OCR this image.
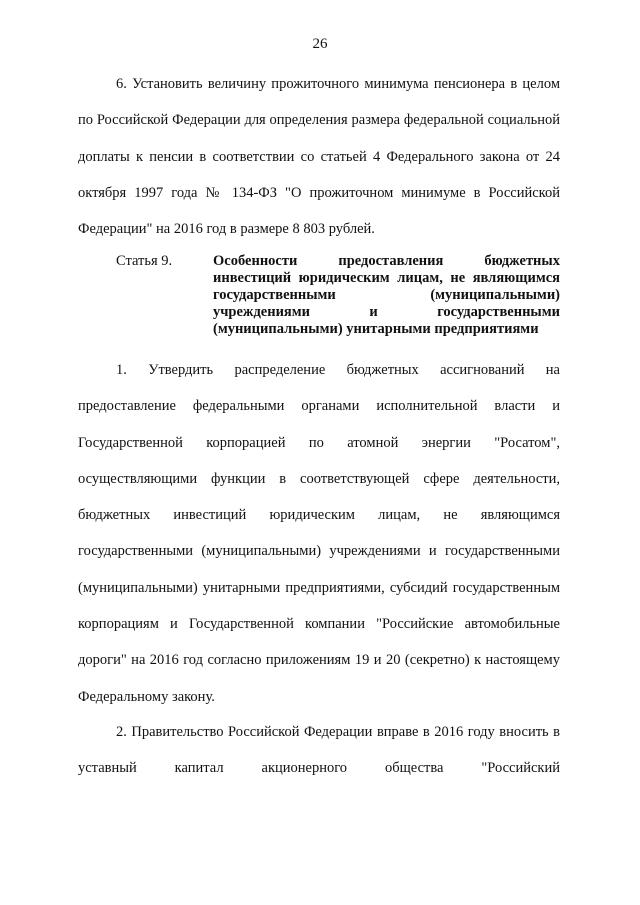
26

6. Установить величину прожиточного минимума пенсионера в целом по Российской Федерации для определения размера федеральной социальной доплаты к пенсии в соответствии со статьей 4 Федерального закона от 24 октября 1997 года № 134-ФЗ "О прожиточном минимуме в Российской Федерации" на 2016 год в размере 8 803 рублей.

Статья 9.	Особенности предоставления бюджетных инвестиций юридическим лицам, не являющимся государственными (муниципальными) учреждениями и государственными (муниципальными) унитарными предприятиями

1. Утвердить распределение бюджетных ассигнований на предоставление федеральными органами исполнительной власти и Государственной корпорацией по атомной энергии "Росатом", осуществляющими функции в соответствующей сфере деятельности, бюджетных инвестиций юридическим лицам, не являющимся государственными (муниципальными) учреждениями и государственными (муниципальными) унитарными предприятиями, субсидий государственным корпорациям и Государственной компании "Российские автомобильные дороги" на 2016 год согласно приложениям 19 и 20 (секретно) к настоящему Федеральному закону.

2. Правительство Российской Федерации вправе в 2016 году вносить в уставный капитал акционерного общества "Российский
